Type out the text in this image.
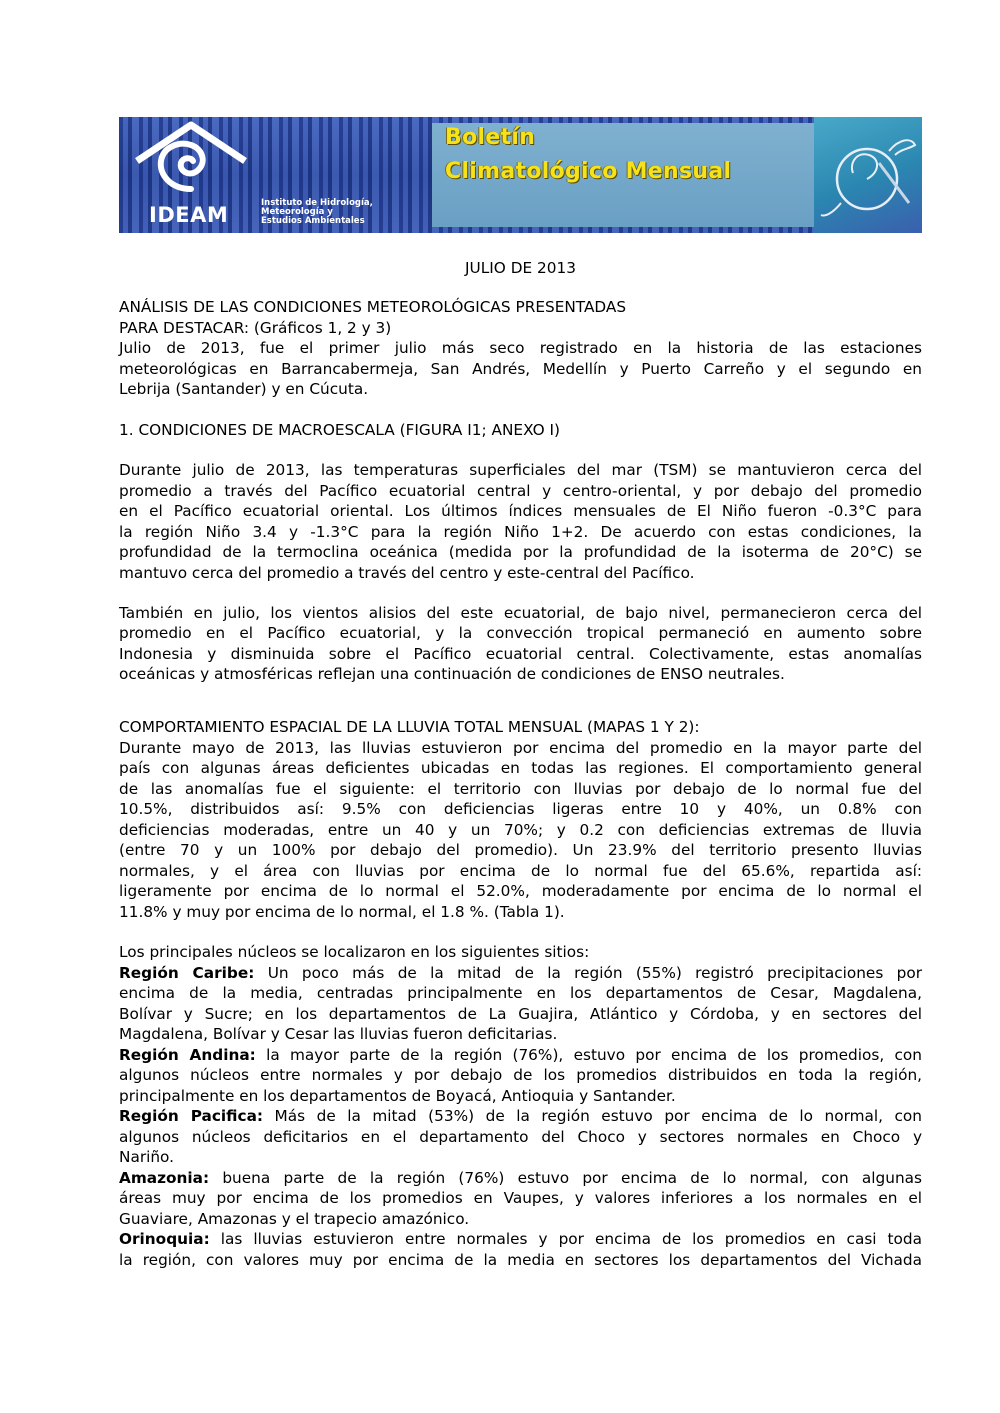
IDEAM	Instituto de Hidrología,
Meteorología y
Estudios Ambientales
Boletín
Climatológico Mensual
JULIO DE 2013
ANÁLISIS DE LAS CONDICIONES METEOROLÓGICAS PRESENTADAS
PARA DESTACAR: (Gráficos 1, 2 y 3)
Julio de 2013, fue el primer julio más seco registrado en la historia de las estaciones
meteorológicas en Barrancabermeja, San Andrés, Medellín y Puerto Carreño y el segundo en
Lebrija (Santander) y en Cúcuta.
1. CONDICIONES DE MACROESCALA (FIGURA I1; ANEXO I)
Durante julio de 2013, las temperaturas superficiales del mar (TSM) se mantuvieron cerca del
promedio a través del Pacífico ecuatorial central y centro-oriental, y por debajo del promedio
en el Pacífico ecuatorial oriental. Los últimos índices mensuales de El Niño fueron -0.3°C para
la región Niño 3.4 y -1.3°C para la región Niño 1+2. De acuerdo con estas condiciones, la
profundidad de la termoclina oceánica (medida por la profundidad de la isoterma de 20°C) se
mantuvo cerca del promedio a través del centro y este-central del Pacífico.
También en julio, los vientos alisios del este ecuatorial, de bajo nivel, permanecieron cerca del
promedio en el Pacífico ecuatorial, y la convección tropical permaneció en aumento sobre
Indonesia y disminuida sobre el Pacífico ecuatorial central. Colectivamente, estas anomalías
oceánicas y atmosféricas reflejan una continuación de condiciones de ENSO neutrales.
COMPORTAMIENTO ESPACIAL DE LA LLUVIA TOTAL MENSUAL (MAPAS 1 Y 2):
Durante mayo de 2013, las lluvias estuvieron por encima del promedio en la mayor parte del
país con algunas áreas deficientes ubicadas en todas las regiones. El comportamiento general
de las anomalías fue el siguiente: el territorio con lluvias por debajo de lo normal fue del
10.5%, distribuidos así: 9.5% con deficiencias ligeras entre 10 y 40%, un 0.8% con
deficiencias moderadas, entre un 40 y un 70%; y 0.2 con deficiencias extremas de lluvia
(entre 70 y un 100% por debajo del promedio). Un 23.9% del territorio presento lluvias
normales, y el área con lluvias por encima de lo normal fue del 65.6%, repartida así:
ligeramente por encima de lo normal el 52.0%, moderadamente por encima de lo normal el
11.8% y muy por encima de lo normal, el 1.8 %. (Tabla 1).
Los principales núcleos se localizaron en los siguientes sitios:
Región Caribe: Un poco más de la mitad de la región (55%) registró precipitaciones por
encima de la media, centradas principalmente en los departamentos de Cesar, Magdalena,
Bolívar y Sucre; en los departamentos de La Guajira, Atlántico y Córdoba, y en sectores del
Magdalena, Bolívar y Cesar las lluvias fueron deficitarias.
Región Andina: la mayor parte de la región (76%), estuvo por encima de los promedios, con
algunos núcleos entre normales y por debajo de los promedios distribuidos en toda la región,
principalmente en los departamentos de Boyacá, Antioquia y Santander.
Región Pacifica: Más de la mitad (53%) de la región estuvo por encima de lo normal, con
algunos núcleos deficitarios en el departamento del Choco y sectores normales en Choco y
Nariño.
Amazonia: buena parte de la región (76%) estuvo por encima de lo normal, con algunas
áreas muy por encima de los promedios en Vaupes, y valores inferiores a los normales en el
Guaviare, Amazonas y el trapecio amazónico.
Orinoquia: las lluvias estuvieron entre normales y por encima de los promedios en casi toda
la región, con valores muy por encima de la media en sectores los departamentos del Vichada
